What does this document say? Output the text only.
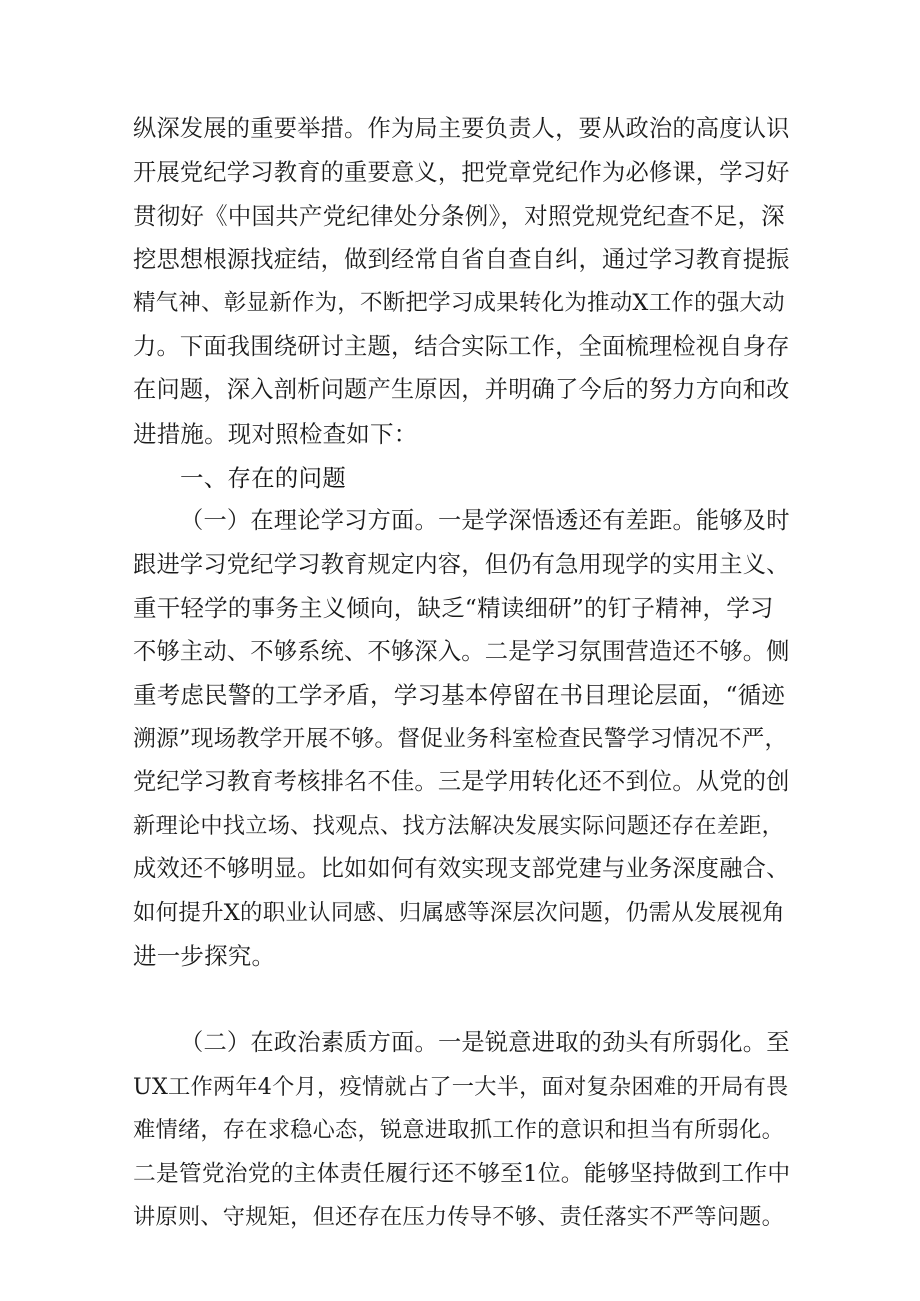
纵深发展的重要举措。作为局主要负责人，要从政治的高度认识

开展党纪学习教育的重要意义，把党章党纪作为必修课，学习好

贯彻好《中国共产党纪律处分条例》，对照党规党纪查不足，深

挖思想根源找症结，做到经常自省自查自纠，通过学习教育提振

精气神、彰显新作为，不断把学习成果转化为推动X工作的强大动

力。下面我围绕研讨主题，结合实际工作，全面梳理检视自身存

在问题，深入剖析问题产生原因，并明确了今后的努力方向和改

进措施。现对照检查如下：

一、存在的问题

（一）在理论学习方面。一是学深悟透还有差距。能够及时

跟进学习党纪学习教育规定内容，但仍有急用现学的实用主义、

重干轻学的事务主义倾向，缺乏“精读细研”的钉子精神，学习

不够主动、不够系统、不够深入。二是学习氛围营造还不够。侧

重考虑民警的工学矛盾，学习基本停留在书目理论层面，“循迹

溯源”现场教学开展不够。督促业务科室检查民警学习情况不严，

党纪学习教育考核排名不佳。三是学用转化还不到位。从党的创

新理论中找立场、找观点、找方法解决发展实际问题还存在差距，

成效还不够明显。比如如何有效实现支部党建与业务深度融合、

如何提升X的职业认同感、归属感等深层次问题，仍需从发展视角

进一步探究。

（二）在政治素质方面。一是锐意进取的劲头有所弱化。至

UX工作两年4个月，疫情就占了一大半，面对复杂困难的开局有畏

难情绪，存在求稳心态，锐意进取抓工作的意识和担当有所弱化。

二是管党治党的主体责任履行还不够至1位。能够坚持做到工作中

讲原则、守规矩，但还存在压力传导不够、责任落实不严等问题。
